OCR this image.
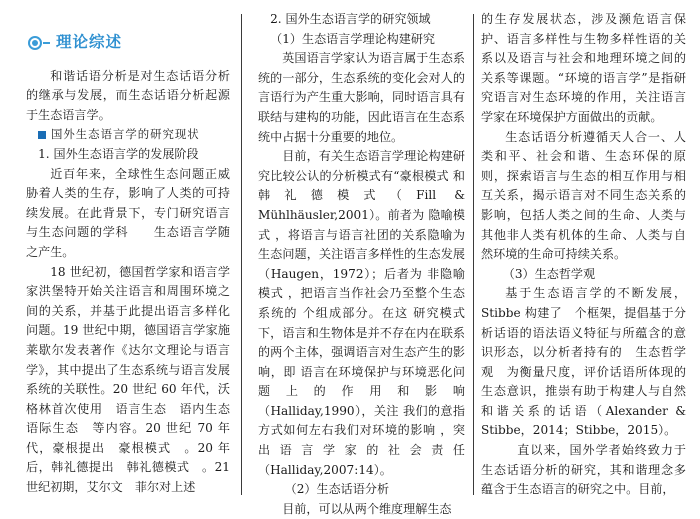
理论综述

和谐话语分析是对生态话语分析的继承与发展，而生态话语分析起源于生态语言学。

国外生态语言学的研究现状

1. 国外生态语言学的发展阶段

近百年来，全球性生态问题正威胁着人类的生存，影响了人类的可持续发展。在此背景下，专门研究语言与生态问题的学科　　生态语言学随之产生。

18 世纪初，德国哲学家和语言学家洪堡特开始关注语言和周围环境之间的关系，并基于此提出语言多样化问题。19 世纪中期，德国语言学家施莱歇尔发表著作《达尔文理论与语言学》，其中提出了生态系统与语言发展系统的关联性。20 世纪 60 年代，沃格林首次使用　语言生态　语内生态　语际生态　等内容。20 世纪 70 年代，豪根提出　豪根模式　。20 年后，韩礼德提出　韩礼德模式　。21 世纪初期，艾尔文　菲尔对上述

2. 国外生态语言学的研究领域

（1）生态语言学理论构建研究

英国语言学家认为语言属于生态系统的一部分，生态系统的变化会对人的言语行为产生重大影响，同时语言具有联结与建构的功能，因此语言在生态系统中占据十分重要的地位。

目前，有关生态语言学理论构建研究比较公认的分析模式有“豪根模式 和 韩礼德模式（Fill & Mühlhäusler,2001）。前者为 隐喻模式 ，将语言与语言社团的关系隐喻为生态问题，关注语言多样性的生态发展（Haugen，1972）；后者为 非隐喻模式 ，把语言当作社会乃至整个生态系统的 个组成部分。在这 研究模式下，语言和生物体是并不存在内在联系的两个主体，强调语言对生态产生的影响，即 语言在环境保护与环境恶化问题上的作用和影响（Halliday,1990），关注 我们的意指方式如何左右我们对环境的影响 ，突出语言学家的社会责任（Halliday,2007:14）。

（2）生态话语分析

目前，可以从两个维度理解生态

的生存发展状态，涉及濒危语言保护、语言多样性与生物多样性语的关系以及语言与社会和地理环境之间的关系等课题。“环境的语言学”是指研究语言对生态环境的作用，关注语言学家在环境保护方面做出的贡献。

生态话语分析遵循天人合一、人类和平、社会和谐、生态环保的原则，探索语言与生态的相互作用与相互关系，揭示语言对不同生态关系的影响，包括人类之间的生命、人类与其他非人类有机体的生命、人类与自然环境的生命可持续关系。

（3）生态哲学观

基于生态语言学的不断发展，Stibbe 构建了　个框架，提倡基于分析话语的语法语义特征与所蕴含的意识形态，以分析者持有的　生态哲学观　为衡量尺度，评价话语所体现的生态意识，推崇有助于构建人与自然和谐关系的话语（Alexander & Stibbe，2014；Stibbe，2015）。

直以来，国外学者始终致力于生态话语分析的研究，其和谐理念多蕴含于生态语言的研究之中。目前，
